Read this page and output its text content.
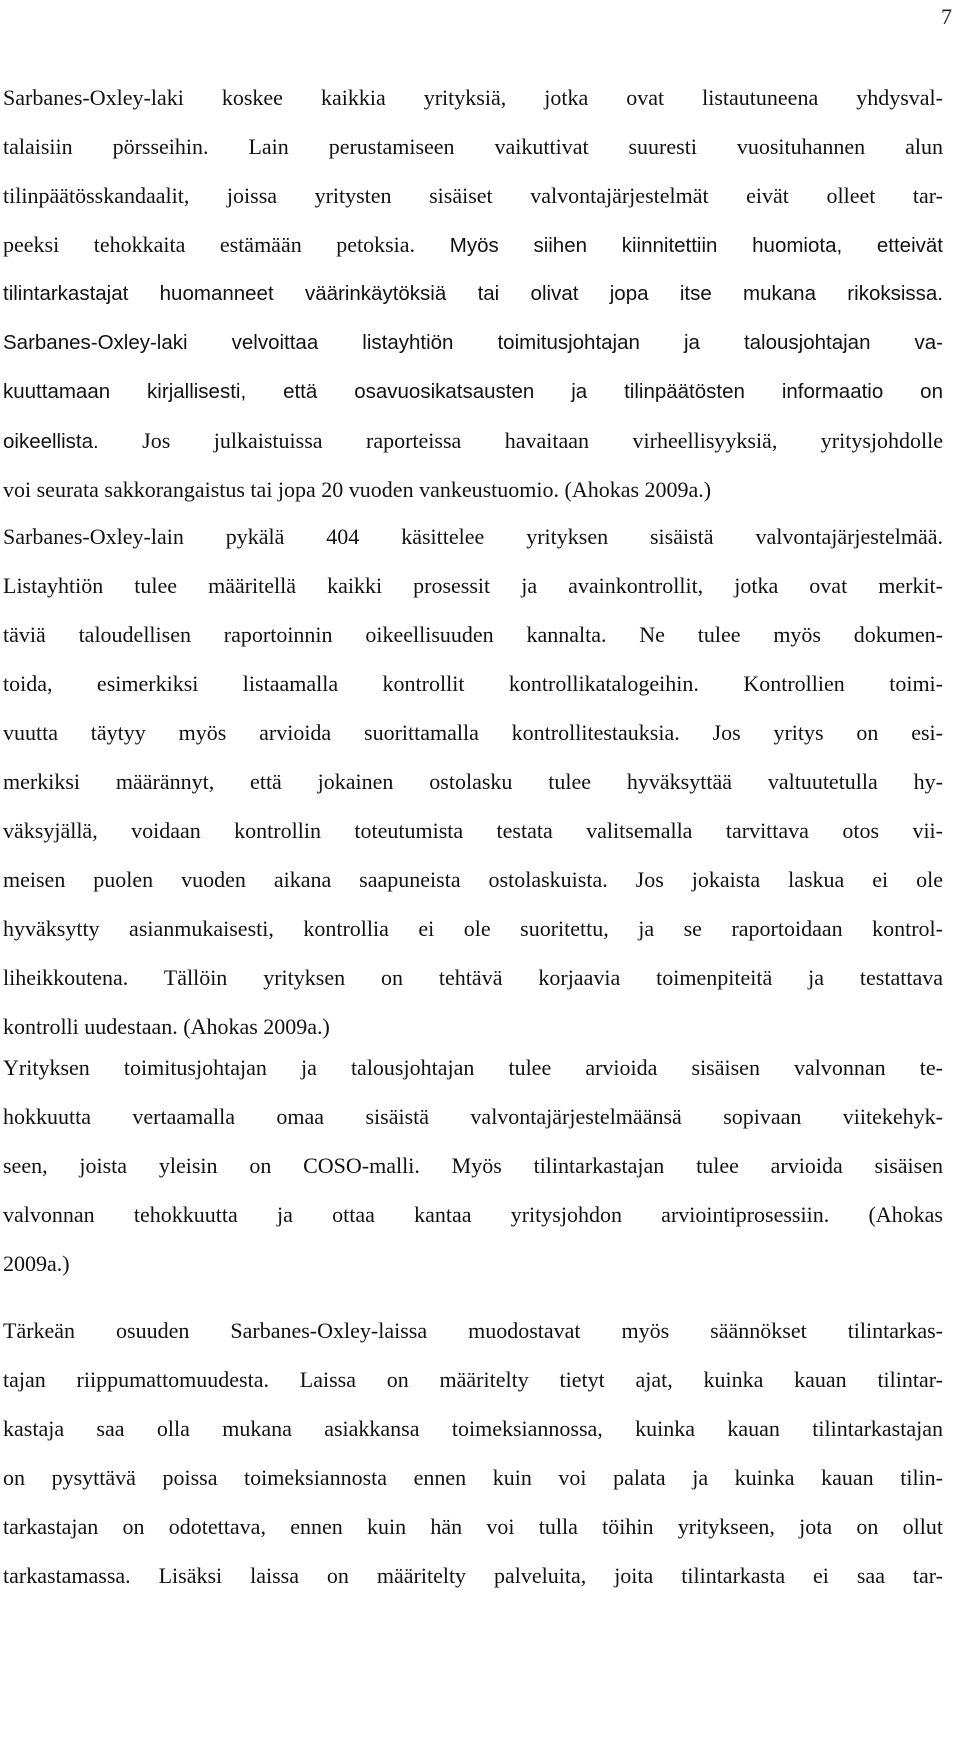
7
Sarbanes-Oxley-laki koskee kaikkia yrityksiä, jotka ovat listautuneena yhdysval-
talaisiin pörsseihin. Lain perustamiseen vaikuttivat suuresti vuosituhannen alun
tilinpäätösskandaalit, joissa yritysten sisäiset valvontajärjestelmät eivät olleet tar-
peeksi tehokkaita estämään petoksia. Myös siihen kiinnitettiin huomiota, etteivät
tilintarkastajat huomanneet väärinkäytöksiä tai olivat jopa itse mukana rikoksissa.
Sarbanes-Oxley-laki velvoittaa listayhtiön toimitusjohtajan ja talousjohtajan va-
kuuttamaan kirjallisesti, että osavuosikatsausten ja tilinpäätösten informaatio on
oikeellista. Jos julkaistuissa raporteissa havaitaan virheellisyyksiä, yritysjohdolle
voi seurata sakkorangaistus tai jopa 20 vuoden vankeustuomio. (Ahokas 2009a.)
Sarbanes-Oxley-lain pykälä 404 käsittelee yrityksen sisäistä valvontajärjestelmää.
Listayhtiön tulee määritellä kaikki prosessit ja avainkontrollit, jotka ovat merkit-
täviä taloudellisen raportoinnin oikeellisuuden kannalta. Ne tulee myös dokumen-
toida, esimerkiksi listaamalla kontrollit kontrollikatalogeihin. Kontrollien toimi-
vuutta täytyy myös arvioida suorittamalla kontrollitestauksia. Jos yritys on esi-
merkiksi määrännyt, että jokainen ostolasku tulee hyväksyttää valtuutetulla hy-
väksyjällä, voidaan kontrollin toteutumista testata valitsemalla tarvittava otos vii-
meisen puolen vuoden aikana saapuneista ostolaskuista. Jos jokaista laskua ei ole
hyväksytty asianmukaisesti, kontrollia ei ole suoritettu, ja se raportoidaan kontrol-
liheikkoutena. Tällöin yrityksen on tehtävä korjaavia toimenpiteitä ja testattava
kontrolli uudestaan. (Ahokas 2009a.)
Yrityksen toimitusjohtajan ja talousjohtajan tulee arvioida sisäisen valvonnan te-
hokkuutta vertaamalla omaa sisäistä valvontajärjestelmäänsä sopivaan viitekehyk-
seen, joista yleisin on COSO-malli. Myös tilintarkastajan tulee arvioida sisäisen
valvonnan tehokkuutta ja ottaa kantaa yritysjohdon arviointiprosessiin. (Ahokas
2009a.)
Tärkeän osuuden Sarbanes-Oxley-laissa muodostavat myös säännökset tilintarkas-
tajan riippumattomuudesta. Laissa on määritelty tietyt ajat, kuinka kauan tilintar-
kastaja saa olla mukana asiakkansa toimeksiannossa, kuinka kauan tilintarkastajan
on pysyttävä poissa toimeksiannosta ennen kuin voi palata ja kuinka kauan tilin-
tarkastajan on odotettava, ennen kuin hän voi tulla töihin yritykseen, jota on ollut
tarkastamassa. Lisäksi laissa on määritelty palveluita, joita tilintarkasta ei saa tar-
